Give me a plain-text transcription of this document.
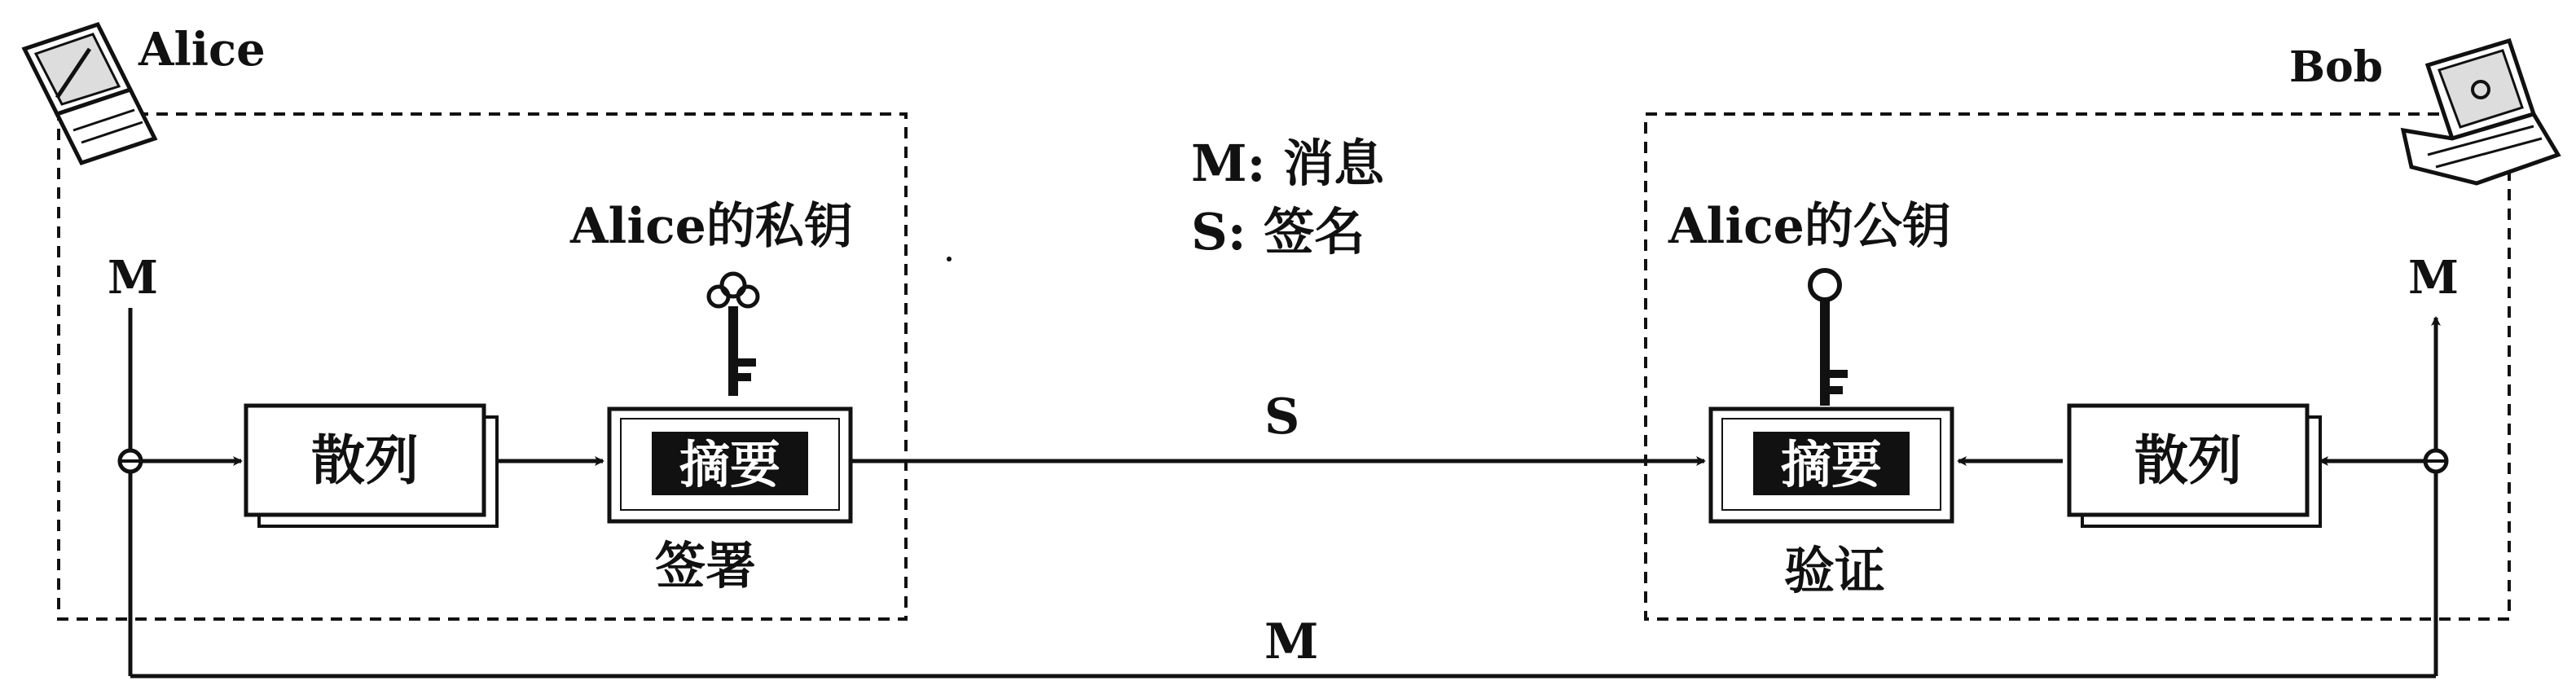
Alice	Bob
M: 消息
S: 签名
Alice的私钥	Alice的公钥
M	M
散列	摘要
签署
S
M
摘要
验证
散列
